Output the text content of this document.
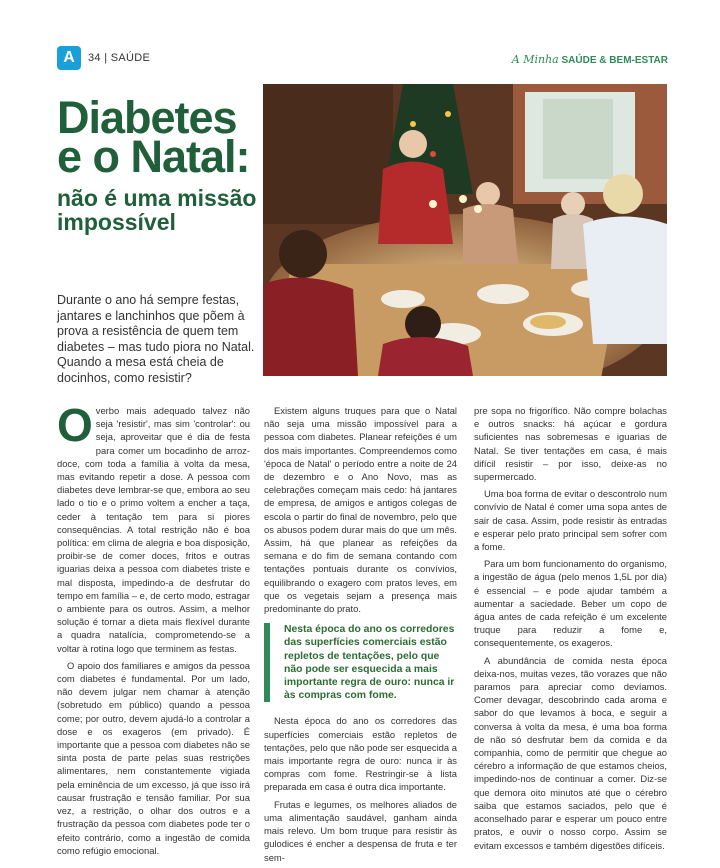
A	34 | SAÚDE	A Minha SAÚDE & BEM-ESTAR
Diabetes
e o Natal:
não é uma missão impossível
Durante o ano há sempre festas, jantares e lanchinhos que põem à prova a resistência de quem tem diabetes – mas tudo piora no Natal. Quando a mesa está cheia de docinhos, como resistir?

O verbo mais adequado talvez não seja 'resistir', mas sim 'controlar': ou seja, aproveitar que é dia de festa para comer um bocadinho de arroz-doce, com toda a família à volta da mesa, mas evitando repetir a dose. A pessoa com diabetes deve lembrar-se que, embora ao seu lado o tio e o primo voltem a encher a taça, ceder à tentação tem para si piores consequências. A total restrição não é boa política: em clima de alegria e boa disposição, proibir-se de comer doces, fritos e outras iguarias deixa a pessoa com diabetes triste e mal disposta, impedindo-a de desfrutar do tempo em família – e, de certo modo, estragar o ambiente para os outros. Assim, a melhor solução é tornar a dieta mais flexível durante a quadra natalícia, comprometendo-se a voltar à rotina logo que terminem as festas.

O apoio dos familiares e amigos da pessoa com diabetes é fundamental. Por um lado, não devem julgar nem chamar à atenção (sobretudo em público) quando a pessoa come; por outro, devem ajudá-lo a controlar a dose e os exageros (em privado). É importante que a pessoa com diabetes não se sinta posta de parte pelas suas restrições alimentares, nem constantemente vigiada pela eminência de um excesso, já que isso irá causar frustração e tensão familiar. Por sua vez, a restrição, o olhar dos outros e a frustração da pessoa com diabetes pode ter o efeito contrário, como a ingestão de comida como refúgio emocional.

Existem alguns truques para que o Natal não seja uma missão impossível para a pessoa com diabetes. Planear refeições é um dos mais importantes. Compreendemos como 'época de Natal' o período entre a noite de 24 de dezembro e o Ano Novo, mas as celebrações começam mais cedo: há jantares de empresa, de amigos e antigos colegas de escola o partir do final de novembro, pelo que os abusos podem durar mais do que um mês. Assim, há que planear as refeições da semana e do fim de semana contando com tentações pontuais durante os convívios, equilibrando o exagero com pratos leves, em que os vegetais sejam a presença mais predominante do prato.

Nesta época do ano os corredores das superfícies comerciais estão repletos de tentações, pelo que não pode ser esquecida a mais importante regra de ouro: nunca ir às compras com fome.

Nesta época do ano os corredores das superfícies comerciais estão repletos de tentações, pelo que não pode ser esquecida a mais importante regra de ouro: nunca ir às compras com fome. Restringir-se à lista preparada em casa é outra dica importante.

Frutas e legumes, os melhores aliados de uma alimentação saudável, ganham ainda mais relevo. Um bom truque para resistir às gulodices é encher a despensa de fruta e ter sem-

pre sopa no frigorífico. Não compre bolachas e outros snacks: há açúcar e gordura suficientes nas sobremesas e iguarias de Natal. Se tiver tentações em casa, é mais difícil resistir – por isso, deixe-as no supermercado.

Uma boa forma de evitar o descontrolo num convívio de Natal é comer uma sopa antes de sair de casa. Assim, pode resistir às entradas e esperar pelo prato principal sem sofrer com a fome.

Para um bom funcionamento do organismo, a ingestão de água (pelo menos 1,5L por dia) é essencial – e pode ajudar também a aumentar a saciedade. Beber um copo de água antes de cada refeição é um excelente truque para reduzir a fome e, consequentemente, os exageros.

A abundância de comida nesta época deixa-nos, muitas vezes, tão vorazes que não paramos para apreciar como devíamos. Comer devagar, descobrindo cada aroma e sabor do que levamos à boca, e seguir a conversa à volta da mesa, é uma boa forma de não só desfrutar bem da comida e da companhia, como de permitir que chegue ao cérebro a informação de que estamos cheios, impedindo-nos de continuar a comer. Diz-se que demora oito minutos até que o cérebro saiba que estamos saciados, pelo que é aconselhado parar e esperar um pouco entre pratos, e ouvir o nosso corpo. Assim se evitam excessos e também digestões difíceis.
